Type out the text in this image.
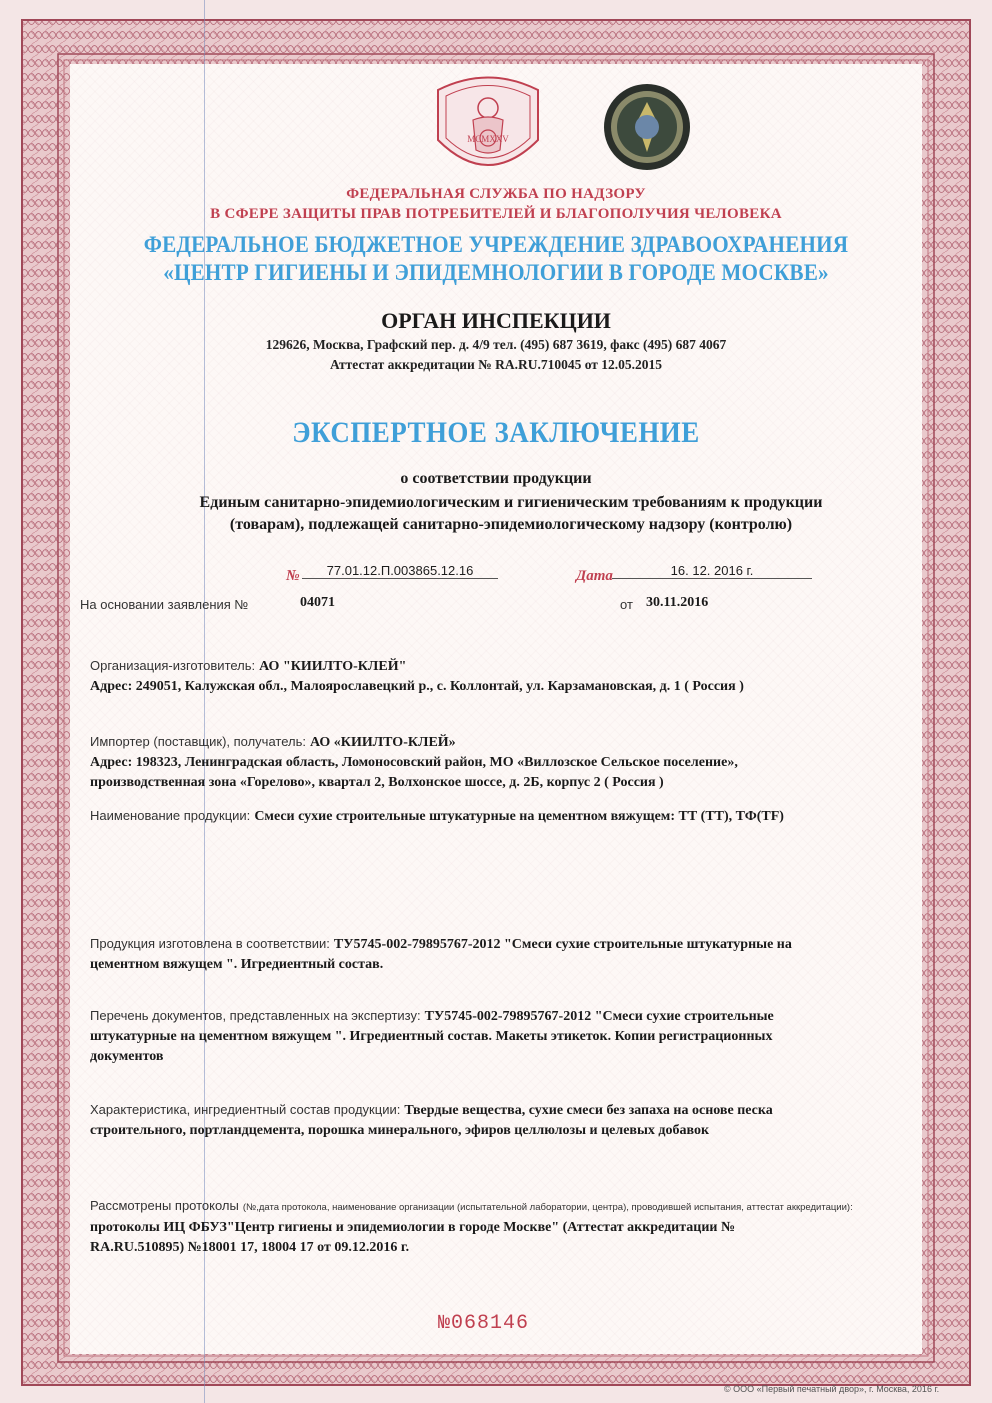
MCMXXV
ФЕДЕРАЛЬНАЯ СЛУЖБА ПО НАДЗОРУ
В СФЕРЕ ЗАЩИТЫ ПРАВ ПОТРЕБИТЕЛЕЙ И БЛАГОПОЛУЧИЯ ЧЕЛОВЕКА
ФЕДЕРАЛЬНОЕ БЮДЖЕТНОЕ УЧРЕЖДЕНИЕ ЗДРАВООХРАНЕНИЯ
«ЦЕНТР ГИГИЕНЫ И ЭПИДЕМНОЛОГИИ В ГОРОДЕ МОСКВЕ»
ОРГАН ИНСПЕКЦИИ
129626, Москва, Графский пер. д. 4/9 тел. (495) 687 3619, факс (495) 687 4067
Аттестат аккредитации № RA.RU.710045 от 12.05.2015
ЭКСПЕРТНОЕ ЗАКЛЮЧЕНИЕ
о соответствии продукции
Единым санитарно-эпидемиологическим и гигиеническим требованиям к продукции
(товарам), подлежащей санитарно-эпидемиологическому надзору (контролю)
№	77.01.12.П.003865.12.16	Дата	16. 12. 2016 г.
На основании заявления №	04071	от 30.11.2016
Организация-изготовитель: АО "КИИЛТО-КЛЕЙ"
Адрес: 249051, Калужская обл., Малоярославецкий р., с. Коллонтай, ул. Карзамановская, д. 1 ( Россия )
Импортер (поставщик), получатель: АО «КИИЛТО-КЛЕЙ»
Адрес: 198323, Ленинградская область, Ломоносовский район, МО «Виллозское Сельское поселение»,
производственная зона «Горелово», квартал 2, Волхонское шоссе, д. 2Б, корпус 2 ( Россия )
Наименование продукции: Смеси сухие строительные штукатурные на цементном вяжущем: ТТ (ТТ), ТФ(TF)
Продукция изготовлена в соответствии: ТУ5745-002-79895767-2012 "Смеси сухие строительные штукатурные на
цементном вяжущем ". Игредиентный состав.
Перечень документов, представленных на экспертизу: ТУ5745-002-79895767-2012 "Смеси сухие строительные
штукатурные на цементном вяжущем ". Игредиентный состав. Макеты этикеток. Копии регистрационных
документов
Характеристика, ингредиентный состав продукции: Твердые вещества, сухие смеси без запаха на основе песка
строительного, портландцемента, порошка минерального, эфиров целлюлозы и целевых добавок
Рассмотрены протоколы (№,дата протокола, наименование организации (испытательной лаборатории, центра), проводившей испытания, аттестат аккредитации):
протоколы ИЦ ФБУЗ"Центр гигиены и эпидемиологии в городе Москве" (Аттестат аккредитации №
RA.RU.510895) №18001 17, 18004 17 от 09.12.2016 г.
№068146
© ООО «Первый печатный двор», г. Москва, 2016 г.
